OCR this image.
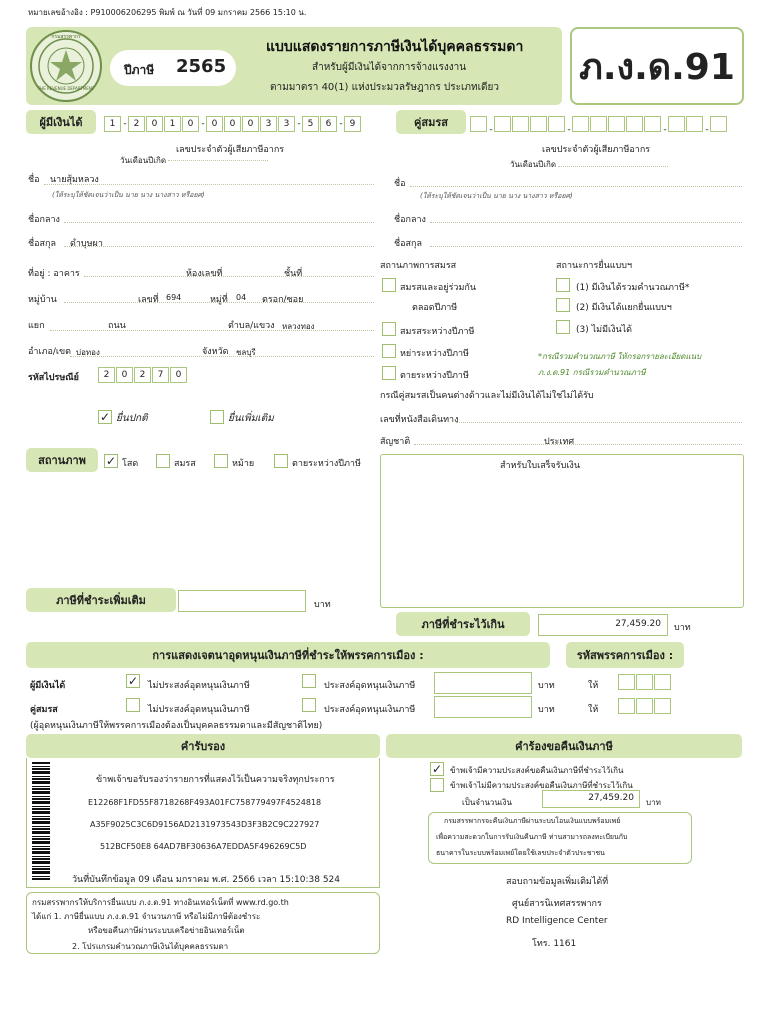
หมายเลขอ้างอิง : P910006206295 พิมพ์ ณ วันที่ 09 มกราคม 2566 15:10 น.
THE REVENUE DEPARTMENT
กรมสรรพากร
ปีภาษี 2565
แบบแสดงรายการภาษีเงินได้บุคคลธรรมดา
สำหรับผู้มีเงินได้จากการจ้างแรงงาน
ตามมาตรา 40(1) แห่งประมวลรัษฎากร ประเภทเดียว ภ.ง.ด.91
ผู้มีเงินได้	1 - 2 0 1 0 - 0 0 0 3 3 - 5 6 - 9
เลขประจำตัวผู้เสียภาษีอากร
วันเดือนปีเกิด
ชื่อ นายสุ้มหลวง
(ให้ระบุให้ชัดเจนว่าเป็น นาย นาง นางสาว หรือยศ)
ชื่อกลาง
ชื่อสกุล ดำบุษผา
ที่อยู่ : อาคาร	ห้องเลขที่	ชั้นที่
หมู่บ้าน	เลขที่ 694	หมู่ที่ 04 ตรอก/ซอย
แยก	ถนน	ตำบล/แขวง หลวงทอง
อำเภอ/เขต บ่อทอง	จังหวัด ชลบุรี
รหัสไปรษณีย์	2 0 2 7 0
✓ ยื่นปกติ	ยื่นเพิ่มเติม
สถานภาพ	✓ โสด	สมรส	หม้าย	ตายระหว่างปีภาษี
คู่สมรส
-	-	-	-
เลขประจำตัวผู้เสียภาษีอากร
วันเดือนปีเกิด
ชื่อ
(ให้ระบุให้ชัดเจนว่าเป็น นาย นาง นางสาว หรือยศ)
ชื่อกลาง
ชื่อสกุล
สถานภาพการสมรส	สถานะการยื่นแบบฯ
สมรสและอยู่ร่วมกัน
ตลอดปีภาษี
สมรสระหว่างปีภาษี
หย่าระหว่างปีภาษี
ตายระหว่างปีภาษี
(1) มีเงินได้รวมคำนวณภาษี*
(2) มีเงินได้แยกยื่นแบบฯ
(3) ไม่มีเงินได้
*กรณีรวมคำนวณภาษี ให้กรอกรายละเอียดแนบ
ภ.ง.ด.91 กรณีรวมคำนวณภาษี
กรณีคู่สมรสเป็นคนต่างด้าวและไม่มีเงินได้ไม่ใช่ไม่ได้รับ
เลขที่หนังสือเดินทาง
สัญชาติ	ประเทศ
สำหรับใบเสร็จรับเงิน
ภาษีที่ชำระเพิ่มเติม	บาท
ภาษีที่ชำระไว้เกิน	27,459.20	บาท
การแสดงเจตนาอุดหนุนเงินภาษีที่ชำระให้พรรคการเมือง :	รหัสพรรคการเมือง :
ผู้มีเงินได้	✓ ไม่ประสงค์อุดหนุนเงินภาษี	ประสงค์อุดหนุนเงินภาษี	บาท	ให้
คู่สมรส	ไม่ประสงค์อุดหนุนเงินภาษี	ประสงค์อุดหนุนเงินภาษี	บาท	ให้
(ผู้อุดหนุนเงินภาษีให้พรรคการเมืองต้องเป็นบุคคลธรรมดาและมีสัญชาติไทย)
คำรับรอง
ข้าพเจ้าขอรับรองว่ารายการที่แสดงไว้เป็นความจริงทุกประการ
E12268F1FD55F8718268F493A01FC758779497F4524818
A35F9025C3C6D9156AD2131973543D3F3B2C9C227927
512BCF50E8 64AD7BF30636A7EDDA5F496269C5D
วันที่บันทึกข้อมูล 09 เดือน มกราคม พ.ศ. 2566 เวลา 15:10:38 524
กรมสรรพากรให้บริการยื่นแบบ ภ.ง.ด.91 ทางอินเทอร์เน็ตที่ www.rd.go.th
ได้แก่ 1. ภาษียื่นแบบ ภ.ง.ด.91 จำนวนภาษี หรือไม่มีภาษีต้องชำระ
หรือขอคืนภาษีผ่านระบบเครือข่ายอินเทอร์เน็ต
2. โปรแกรมคำนวณภาษีเงินได้บุคคลธรรมดา
คำร้องขอคืนเงินภาษี
✓ ข้าพเจ้ามีความประสงค์ขอคืนเงินภาษีที่ชำระไว้เกิน
ข้าพเจ้าไม่มีความประสงค์ขอคืนเงินภาษีที่ชำระไว้เกิน
เป็นจำนวนเงิน	27,459.20	บาท
กรมสรรพากรจะคืนเงินภาษีผ่านระบบโอนเงินแบบพร้อมเพย์
เพื่อความสะดวกในการรับเงินคืนภาษี ท่านสามารถลงทะเบียนกับ
ธนาคารในระบบพร้อมเพย์โดยใช้เลขประจำตัวประชาชน
สอบถามข้อมูลเพิ่มเติมได้ที่
ศูนย์สารนิเทศสรรพากร
RD Intelligence Center
โทร. 1161
